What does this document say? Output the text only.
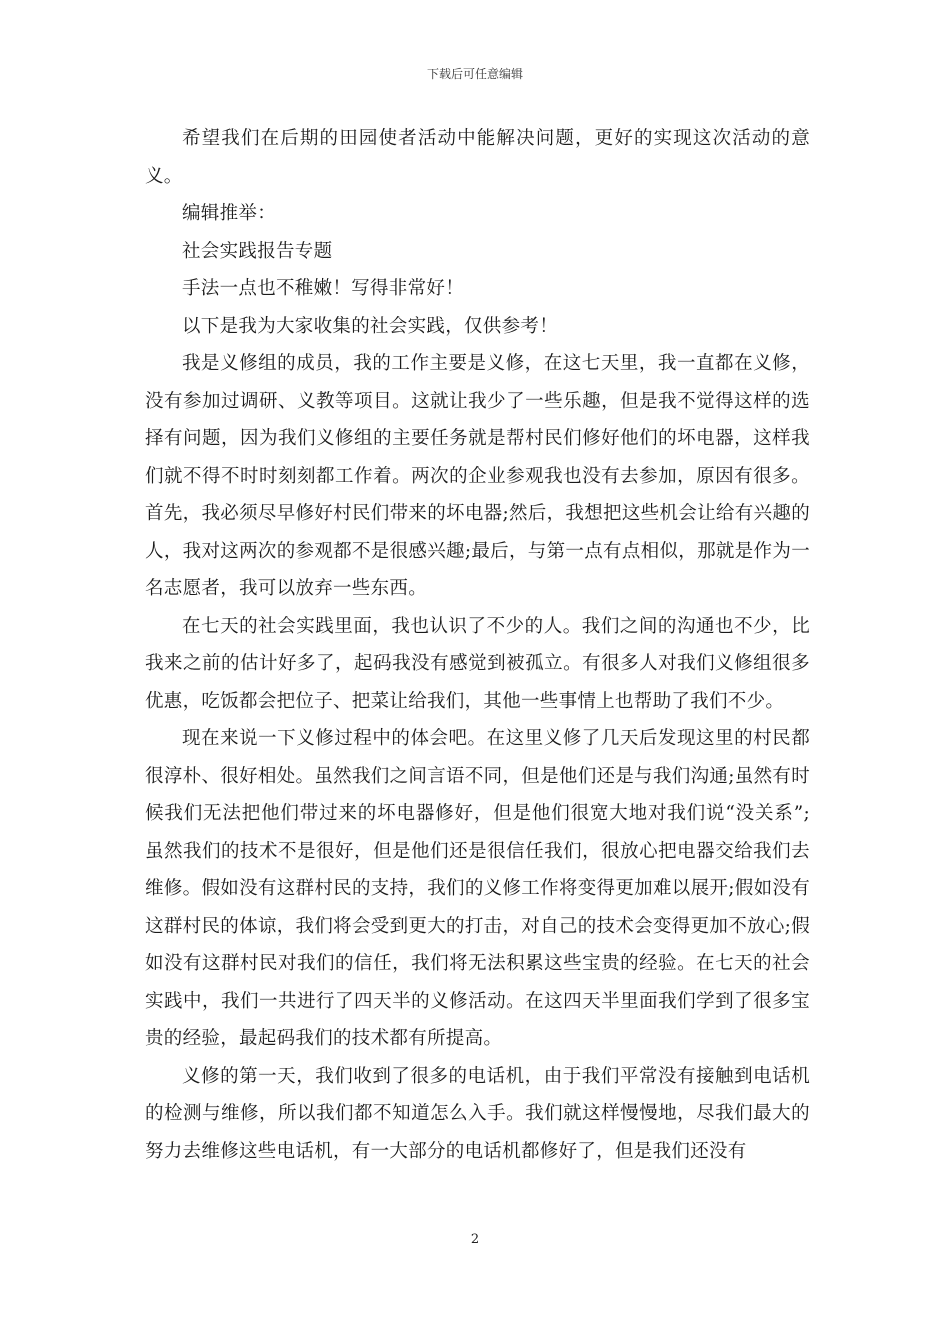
下载后可任意编辑

希望我们在后期的田园使者活动中能解决问题，更好的实现这次活动的意义。

编辑推举：

社会实践报告专题

手法一点也不稚嫩！写得非常好！

以下是我为大家收集的社会实践，仅供参考！

我是义修组的成员，我的工作主要是义修，在这七天里，我一直都在义修，没有参加过调研、义教等项目。这就让我少了一些乐趣，但是我不觉得这样的选择有问题，因为我们义修组的主要任务就是帮村民们修好他们的坏电器，这样我们就不得不时时刻刻都工作着。两次的企业参观我也没有去参加，原因有很多。首先，我必须尽早修好村民们带来的坏电器;然后，我想把这些机会让给有兴趣的人，我对这两次的参观都不是很感兴趣;最后，与第一点有点相似，那就是作为一名志愿者，我可以放弃一些东西。

在七天的社会实践里面，我也认识了不少的人。我们之间的沟通也不少，比我来之前的估计好多了，起码我没有感觉到被孤立。有很多人对我们义修组很多优惠，吃饭都会把位子、把菜让给我们，其他一些事情上也帮助了我们不少。

现在来说一下义修过程中的体会吧。在这里义修了几天后发现这里的村民都很淳朴、很好相处。虽然我们之间言语不同，但是他们还是与我们沟通;虽然有时候我们无法把他们带过来的坏电器修好，但是他们很宽大地对我们说“没关系”;虽然我们的技术不是很好，但是他们还是很信任我们，很放心把电器交给我们去维修。假如没有这群村民的支持，我们的义修工作将变得更加难以展开;假如没有这群村民的体谅，我们将会受到更大的打击，对自己的技术会变得更加不放心;假如没有这群村民对我们的信任，我们将无法积累这些宝贵的经验。在七天的社会实践中，我们一共进行了四天半的义修活动。在这四天半里面我们学到了很多宝贵的经验，最起码我们的技术都有所提高。

义修的第一天，我们收到了很多的电话机，由于我们平常没有接触到电话机的检测与维修，所以我们都不知道怎么入手。我们就这样慢慢地，尽我们最大的努力去维修这些电话机，有一大部分的电话机都修好了，但是我们还没有

2
